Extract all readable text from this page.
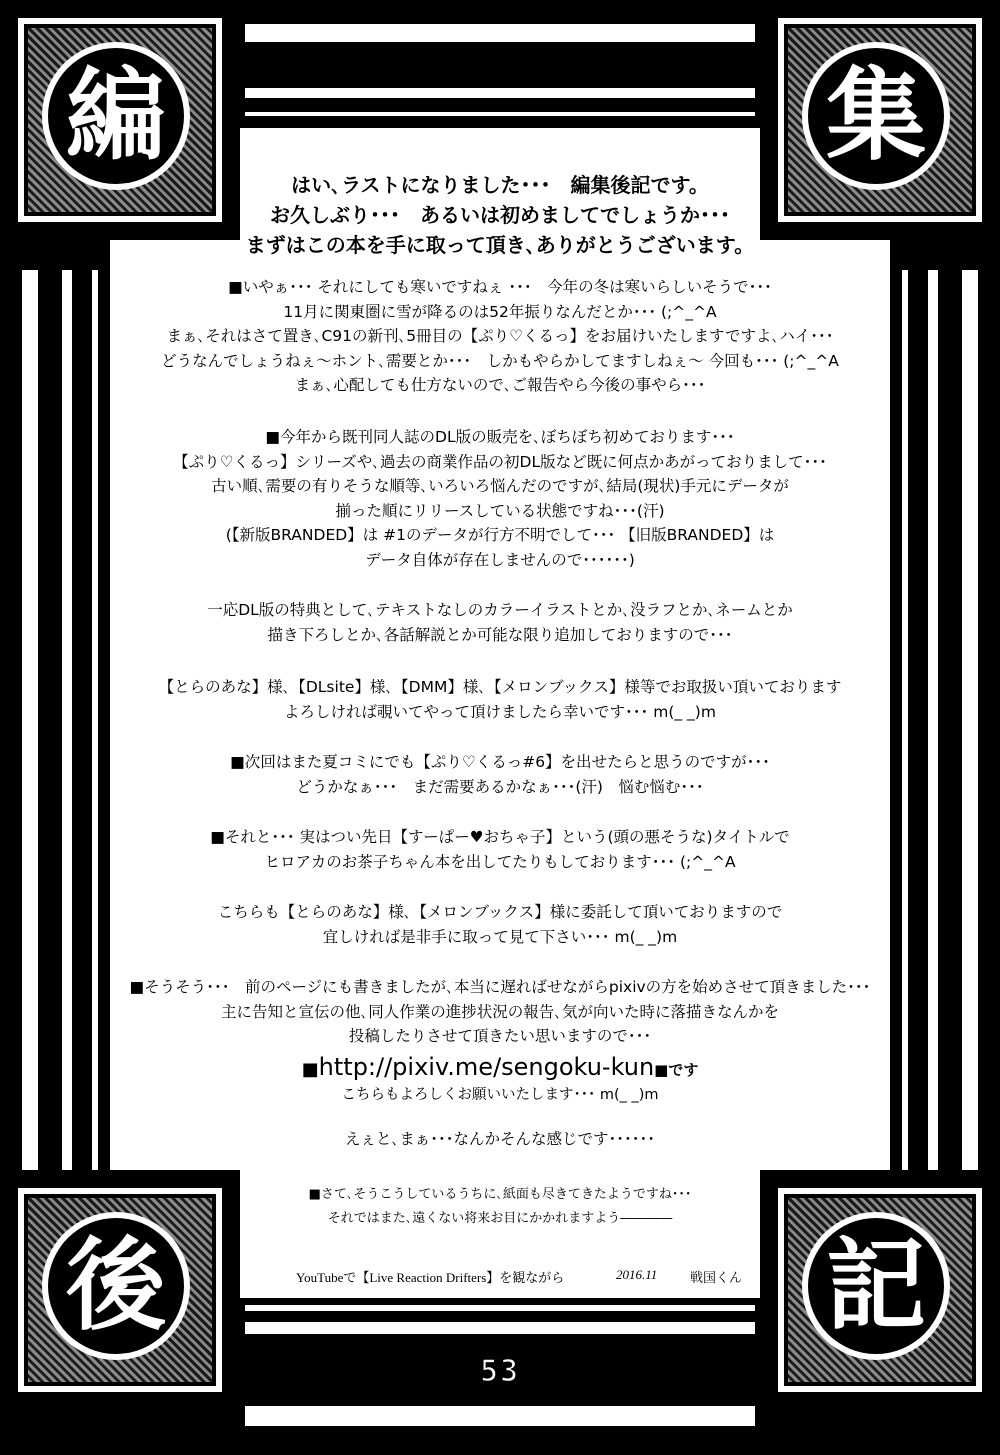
編	集
後	記
はい､ラストになりました･･･　編集後記です。
お久しぶり･･･　あるいは初めましてでしょうか･･･
まずはこの本を手に取って頂き､ありがとうございます。
■いやぁ･･･ それにしても寒いですねぇ ･･･　今年の冬は寒いらしいそうで･･･
11月に関東圏に雪が降るのは52年振りなんだとか･･･ (;^_^A
まぁ､それはさて置き､C91の新刊､5冊目の【ぷり♡くるっ】をお届けいたしますですよ､ハイ･･･
どうなんでしょうねぇ～ホント､需要とか･･･　しかもやらかしてますしねぇ～ 今回も･･･ (;^_^A
まぁ､心配しても仕方ないので､ご報告やら今後の事やら･･･
■今年から既刊同人誌のDL版の販売を､ぼちぼち初めております･･･
【ぷり♡くるっ】シリーズや､過去の商業作品の初DL版など既に何点かあがっておりまして･･･
古い順､需要の有りそうな順等､いろいろ悩んだのですが､結局(現状)手元にデータが
揃った順にリリースしている状態ですね･･･(汗)
(【新版BRANDED】は #1のデータが行方不明でして･･･ 【旧版BRANDED】は
データ自体が存在しませんので･･････)
一応DL版の特典として､テキストなしのカラーイラストとか､没ラフとか､ネームとか
描き下ろしとか､各話解説とか可能な限り追加しておりますので･･･
【とらのあな】様､【DLsite】様､【DMM】様､【メロンブックス】様等でお取扱い頂いております
よろしければ覗いてやって頂けましたら幸いです･･･ m(_ _)m
■次回はまた夏コミにでも【ぷり♡くるっ#6】を出せたらと思うのですが･･･
どうかなぁ･･･　まだ需要あるかなぁ･･･(汗)　悩む悩む･･･
■それと･･･ 実はつい先日【すーぱー♥おちゃ子】という(頭の悪そうな)タイトルで
ヒロアカのお茶子ちゃん本を出してたりもしております･･･ (;^_^A
こちらも【とらのあな】様､【メロンブックス】様に委託して頂いておりますので
宜しければ是非手に取って見て下さい･･･ m(_ _)m
■そうそう･･･　前のページにも書きましたが､本当に遅ればせながらpixivの方を始めさせて頂きました･･･
主に告知と宣伝の他､同人作業の進捗状況の報告､気が向いた時に落描きなんかを
投稿したりさせて頂きたい思いますので･･･
■http://pixiv.me/sengoku-kun■です
こちらもよろしくお願いいたします･･･ m(_ _)m
えぇと､まぁ･･･なんかそんな感じです･･････
■さて､そうこうしているうちに､紙面も尽きてきたようですね･･･
それではまた､遠くない将来お目にかかれますよう――――
YouTubeで【Live Reaction Drifters】を観ながら	2016.11	戦国くん
53
